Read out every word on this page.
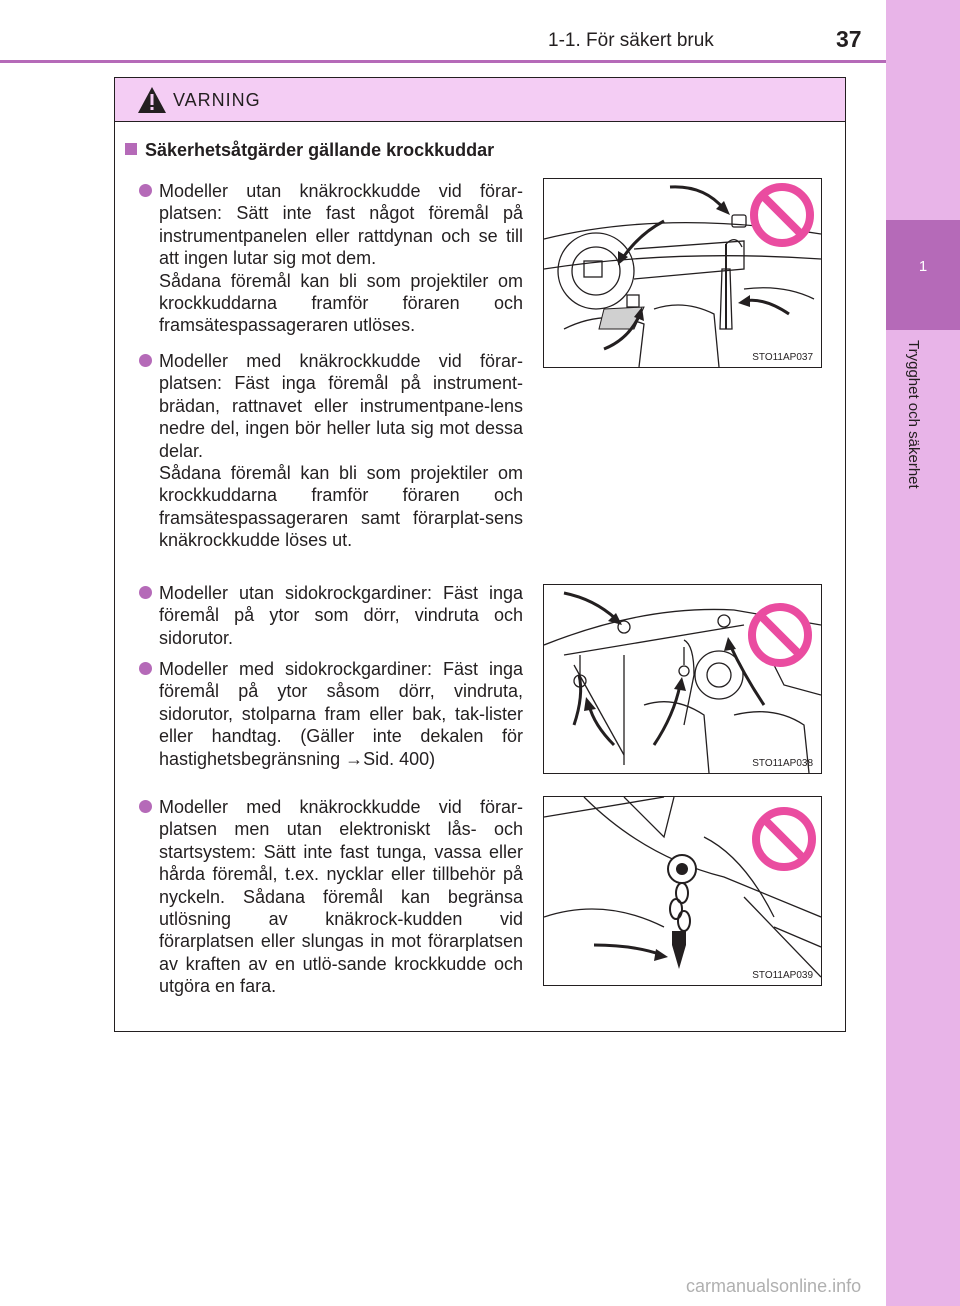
1
Trygghet och säkerhet
1-1. För säkert bruk	37
VARNING
Säkerhetsåtgärder gällande krockkuddar
Modeller utan knäkrockkudde vid förar-platsen: Sätt inte fast något föremål på instrumentpanelen eller rattdynan och se till att ingen lutar sig mot dem.
Sådana föremål kan bli som projektiler om krockkuddarna framför föraren och framsätespassageraren utlöses.
Modeller med knäkrockkudde vid förar-platsen: Fäst inga föremål på instrument-brädan, rattnavet eller instrumentpane-lens nedre del, ingen bör heller luta sig mot dessa delar.
Sådana föremål kan bli som projektiler om krockkuddarna framför föraren och framsätespassageraren samt förarplat-sens knäkrockkudde löses ut.
Modeller utan sidokrockgardiner: Fäst inga föremål på ytor som dörr, vindruta och sidorutor.
Modeller med sidokrockgardiner: Fäst inga föremål på ytor såsom dörr, vindruta, sidorutor, stolparna fram eller bak, tak-lister eller handtag. (Gäller inte dekalen för hastighetsbegränsning →Sid. 400)
Modeller med knäkrockkudde vid förar-platsen men utan elektroniskt lås- och startsystem: Sätt inte fast tunga, vassa eller hårda föremål, t.ex. nycklar eller tillbehör på nyckeln. Sådana föremål kan begränsa utlösning av knäkrock-kudden vid förarplatsen eller slungas in mot förarplatsen av kraften av en utlö-sande krockkudde och utgöra en fara.
STO11AP037
STO11AP038
STO11AP039
carmanualsonline.info
